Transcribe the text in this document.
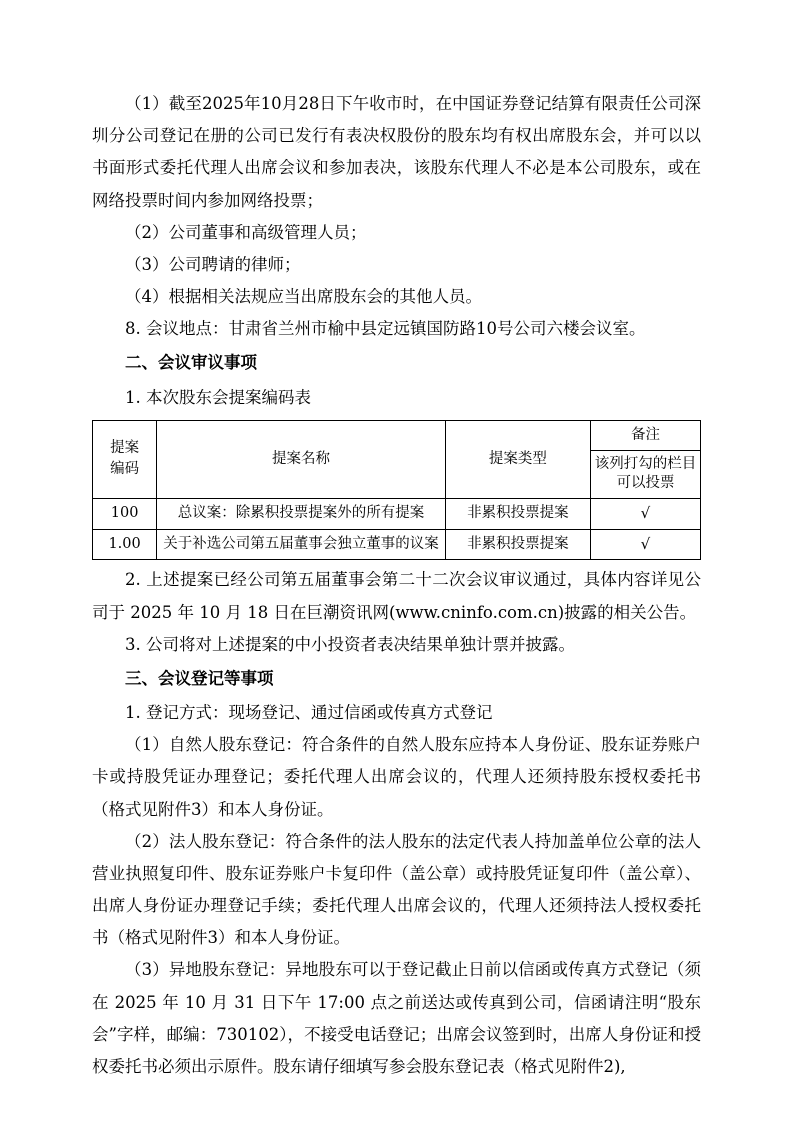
（1）截至2025年10月28日下午收市时，在中国证券登记结算有限责任公司深圳分公司登记在册的公司已发行有表决权股份的股东均有权出席股东会，并可以以书面形式委托代理人出席会议和参加表决，该股东代理人不必是本公司股东，或在网络投票时间内参加网络投票；

（2）公司董事和高级管理人员；

（3）公司聘请的律师；

（4）根据相关法规应当出席股东会的其他人员。

8. 会议地点：甘肃省兰州市榆中县定远镇国防路10号公司六楼会议室。

二、会议审议事项

1. 本次股东会提案编码表

提案
编码	提案名称	提案类型	备注
			该列打勾的栏目可以投票
100	总议案：除累积投票提案外的所有提案	非累积投票提案	√
1.00	关于补选公司第五届董事会独立董事的议案	非累积投票提案	√

2. 上述提案已经公司第五届董事会第二十二次会议审议通过，具体内容详见公司于 2025 年 10 月 18 日在巨潮资讯网(www.cninfo.com.cn)披露的相关公告。

3. 公司将对上述提案的中小投资者表决结果单独计票并披露。

三、会议登记等事项

1. 登记方式：现场登记、通过信函或传真方式登记

（1）自然人股东登记：符合条件的自然人股东应持本人身份证、股东证券账户卡或持股凭证办理登记；委托代理人出席会议的，代理人还须持股东授权委托书（格式见附件3）和本人身份证。

（2）法人股东登记：符合条件的法人股东的法定代表人持加盖单位公章的法人营业执照复印件、股东证券账户卡复印件（盖公章）或持股凭证复印件（盖公章）、出席人身份证办理登记手续；委托代理人出席会议的，代理人还须持法人授权委托书（格式见附件3）和本人身份证。

（3）异地股东登记：异地股东可以于登记截止日前以信函或传真方式登记（须在 2025 年 10 月 31 日下午 17:00 点之前送达或传真到公司，信函请注明“股东会”字样，邮编：730102），不接受电话登记；出席会议签到时，出席人身份证和授权委托书必须出示原件。股东请仔细填写参会股东登记表（格式见附件2),
